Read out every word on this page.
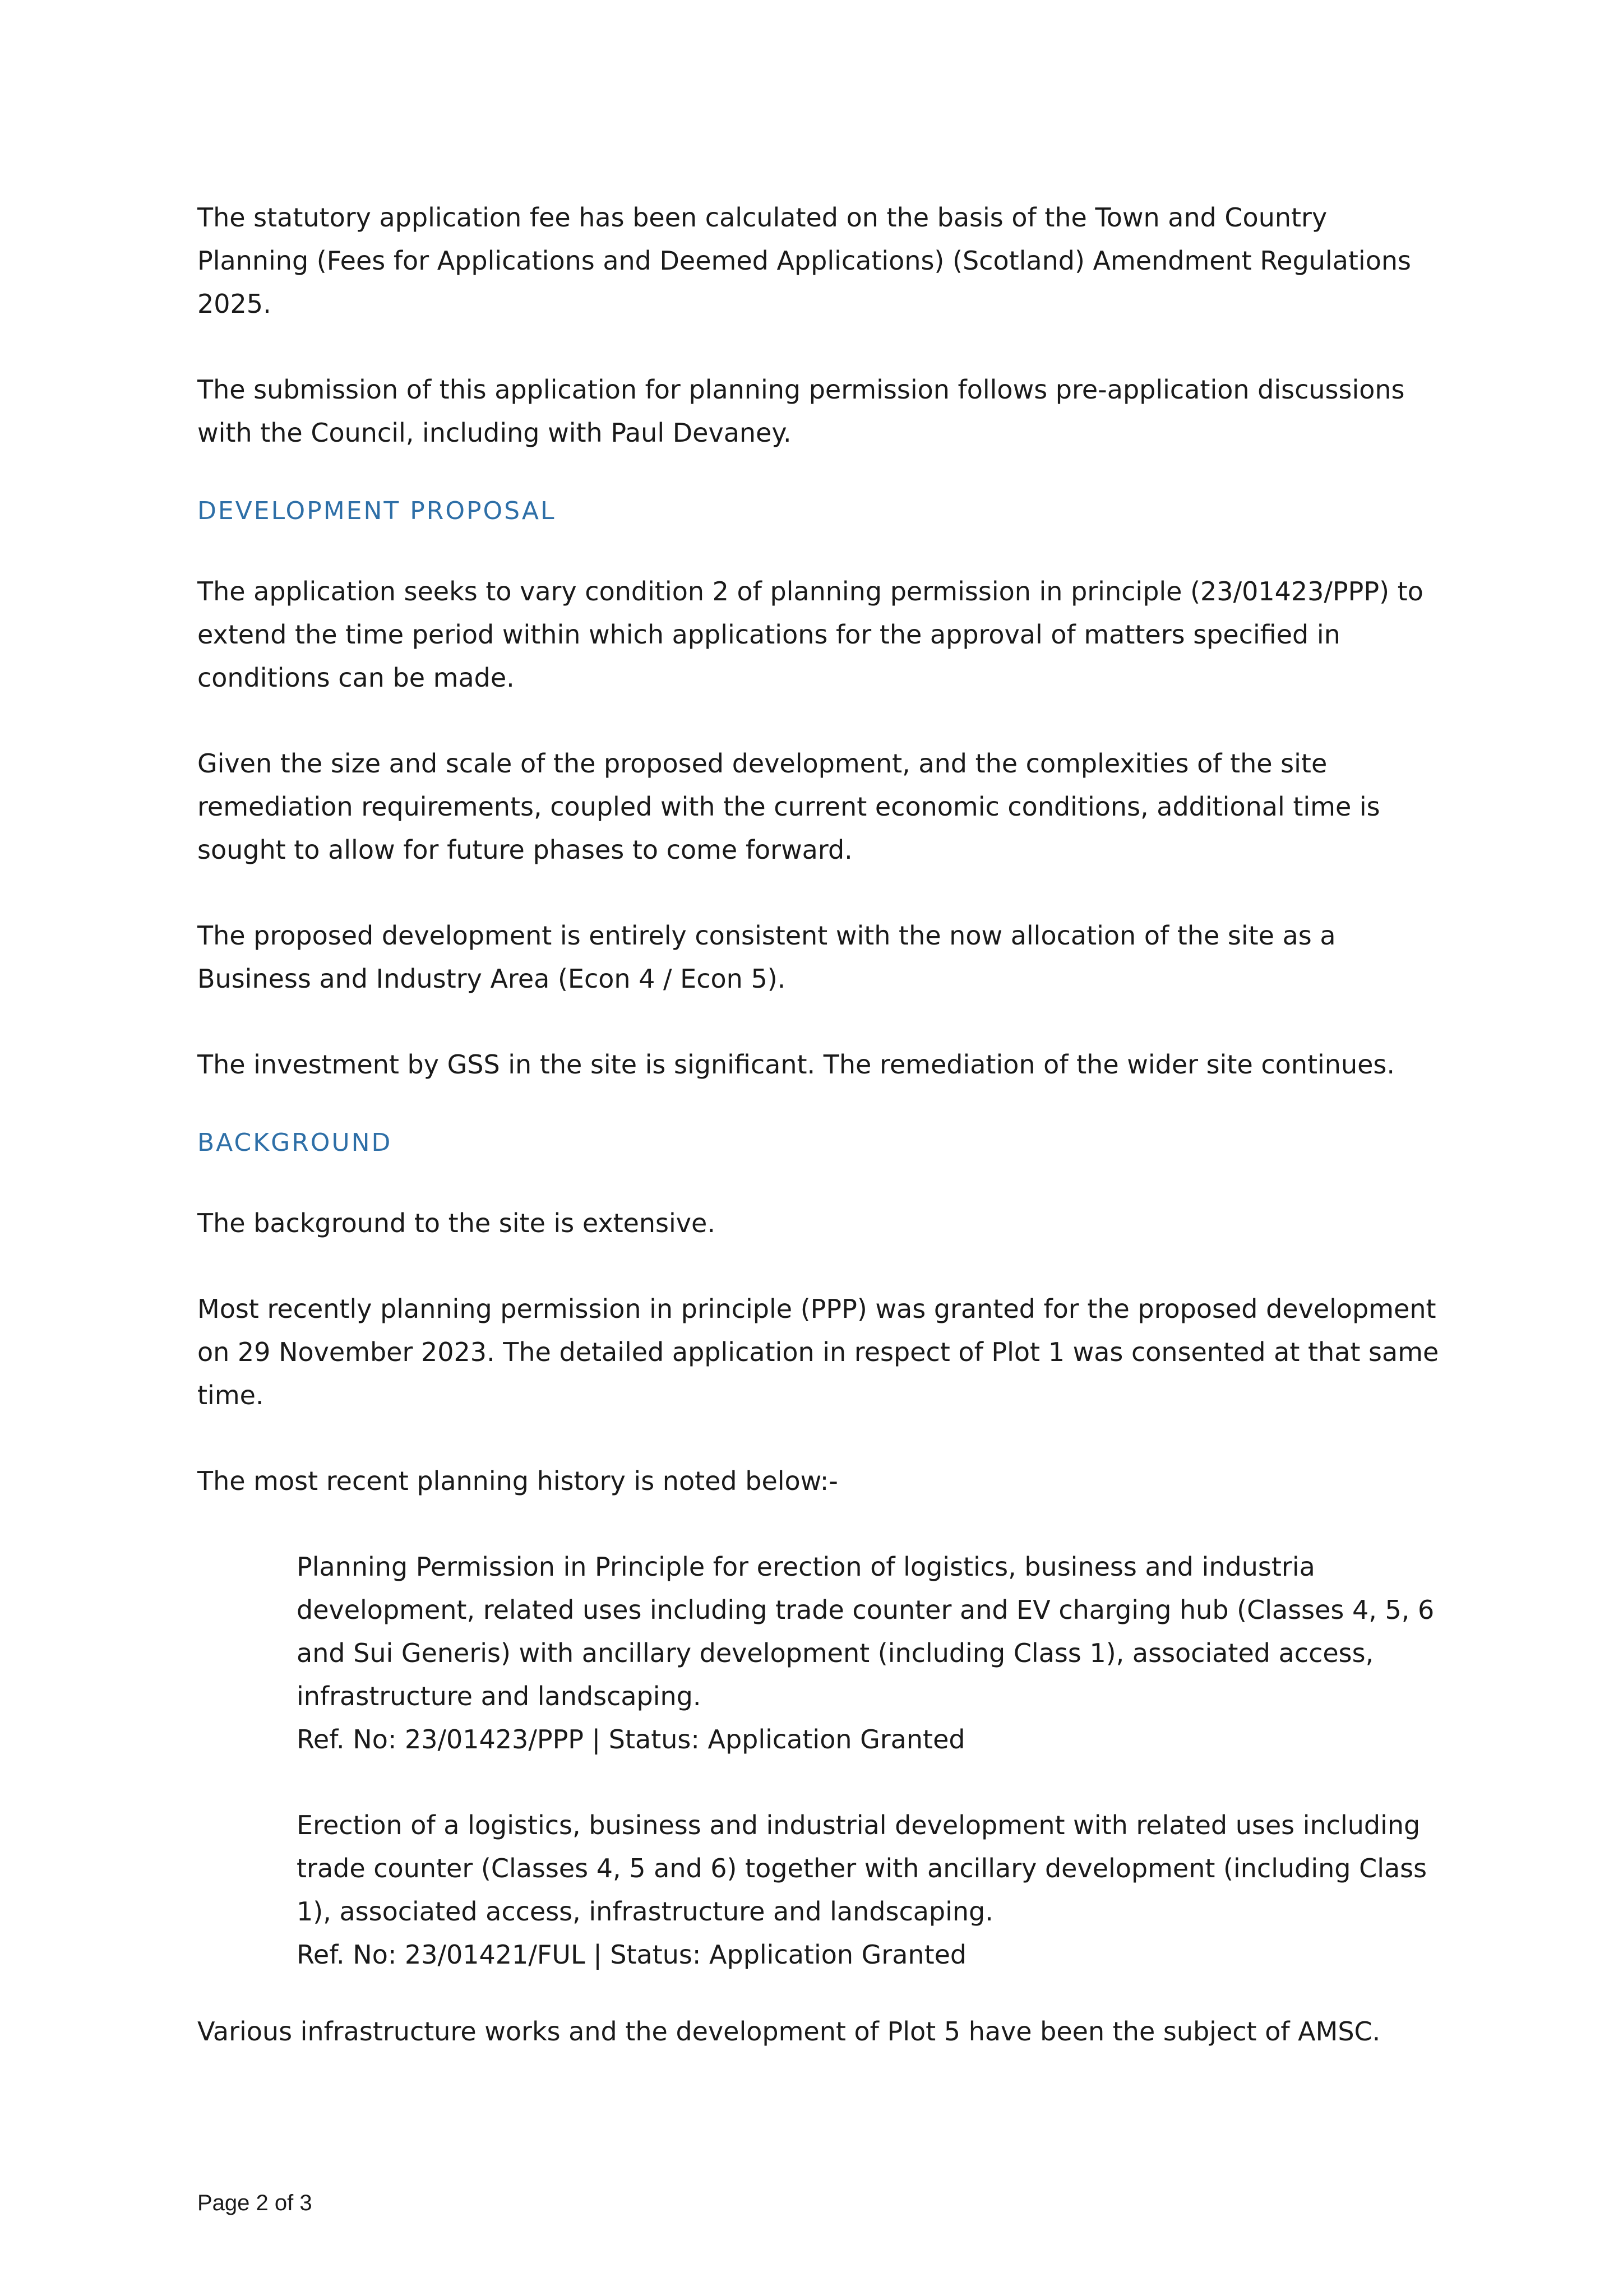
The statutory application fee has been calculated on the basis of the Town and Country Planning (Fees for Applications and Deemed Applications) (Scotland) Amendment Regulations 2025.

The submission of this application for planning permission follows pre-application discussions with the Council, including with Paul Devaney.

DEVELOPMENT PROPOSAL

The application seeks to vary condition 2 of planning permission in principle (23/01423/PPP) to extend the time period within which applications for the approval of matters specified in conditions can be made.

Given the size and scale of the proposed development, and the complexities of the site remediation requirements, coupled with the current economic conditions, additional time is sought to allow for future phases to come forward.

The proposed development is entirely consistent with the now allocation of the site as a Business and Industry Area (Econ 4 / Econ 5).

The investment by GSS in the site is significant. The remediation of the wider site continues.

BACKGROUND

The background to the site is extensive.

Most recently planning permission in principle (PPP) was granted for the proposed development on 29 November 2023. The detailed application in respect of Plot 1 was consented at that same time.

The most recent planning history is noted below:-

Planning Permission in Principle for erection of logistics, business and industria development, related uses including trade counter and EV charging hub (Classes 4, 5, 6 and Sui Generis) with ancillary development (including Class 1), associated access, infrastructure and landscaping.
Ref. No: 23/01423/PPP | Status: Application Granted

Erection of a logistics, business and industrial development with related uses including trade counter (Classes 4, 5 and 6) together with ancillary development (including Class 1), associated access, infrastructure and landscaping.
Ref. No: 23/01421/FUL | Status: Application Granted

Various infrastructure works and the development of Plot 5 have been the subject of AMSC.

Page 2 of 3
